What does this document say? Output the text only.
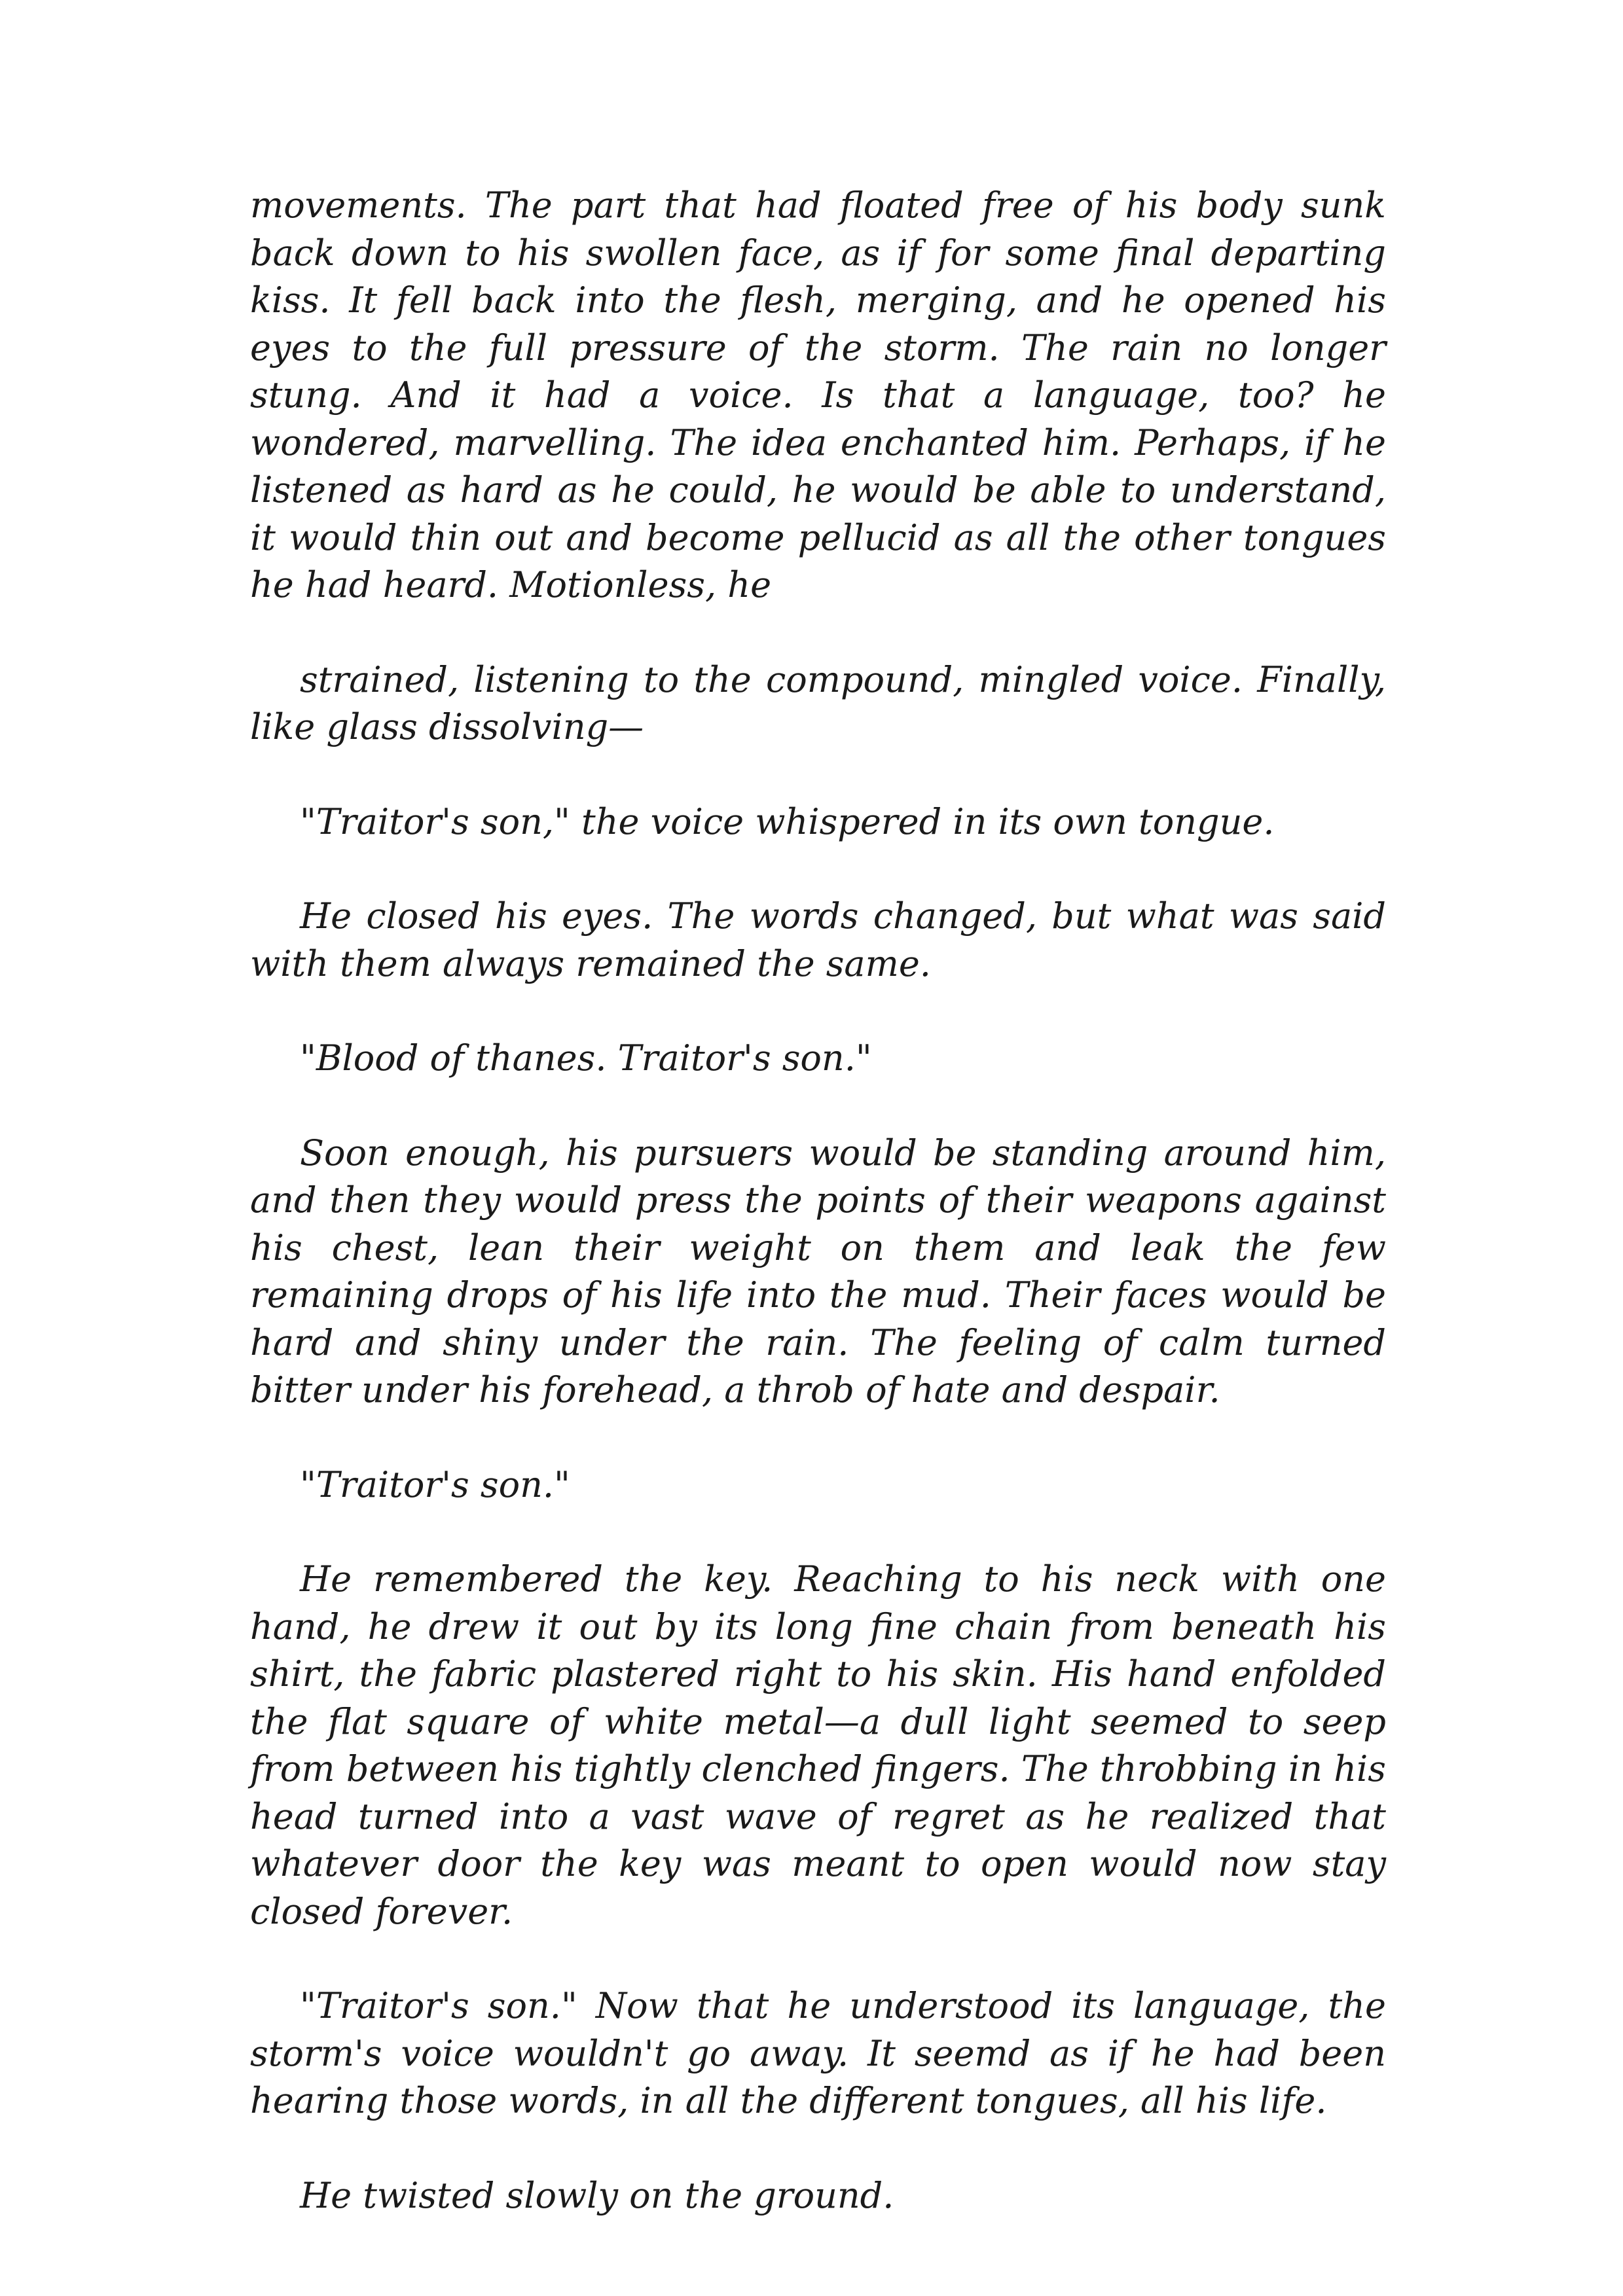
movements. The part that had floated free of his body sunk back down to his swollen face, as if for some final departing kiss. It fell back into the flesh, merging, and he opened his eyes to the full pressure of the storm. The rain no longer stung. And it had a voice. Is that a language, too? he wondered, marvelling. The idea enchanted him. Perhaps, if he listened as hard as he could, he would be able to understand, it would thin out and become pellucid as all the other tongues he had heard. Motionless, he

strained, listening to the compound, mingled voice. Finally, like glass dissolving—

"Traitor's son," the voice whispered in its own tongue.

He closed his eyes. The words changed, but what was said with them always remained the same.

"Blood of thanes. Traitor's son."

Soon enough, his pursuers would be standing around him, and then they would press the points of their weapons against his chest, lean their weight on them and leak the few remaining drops of his life into the mud. Their faces would be hard and shiny under the rain. The feeling of calm turned bitter under his forehead, a throb of hate and despair.

"Traitor's son."

He remembered the key. Reaching to his neck with one hand, he drew it out by its long fine chain from beneath his shirt, the fabric plastered right to his skin. His hand enfolded the flat square of white metal—a dull light seemed to seep from between his tightly clenched fingers. The throbbing in his head turned into a vast wave of regret as he realized that whatever door the key was meant to open would now stay closed forever.

"Traitor's son." Now that he understood its language, the storm's voice wouldn't go away. It seemd as if he had been hearing those words, in all the different tongues, all his life.

He twisted slowly on the ground.
